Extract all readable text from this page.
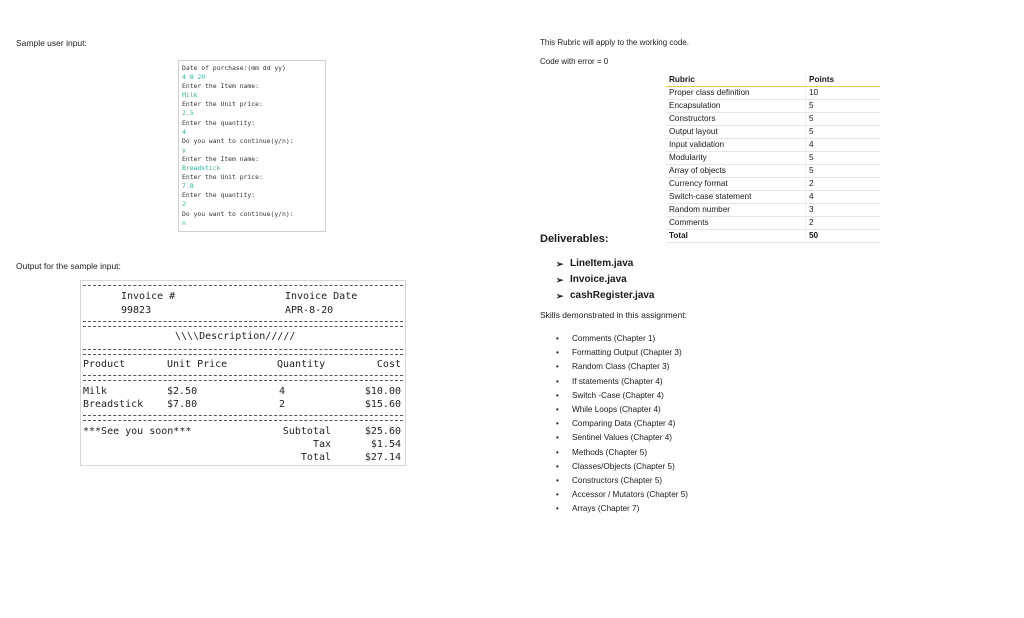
Sample user input:
Date of purchase:(mm dd yy)
4 8 20
Enter the Item name:
Milk
Enter the Unit price:
2.5
Enter the quantity:
4
Do you want to continue(y/n):
y
Enter the Item name:
Breadstick
Enter the Unit price:
7.8
Enter the quantity:
2
Do you want to continue(y/n):
n
Output for the sample input:
Invoice #
99823
Invoice Date
APR-8-20
\\\\Description/////
Product	Unit Price	Quantity	Cost
Milk	$2.50	4	$10.00
Breadstick $7.80	2	$15.60
***See you soon***	Subtotal	$25.60
Tax	$1.54
Total	$27.14
This Rubric will apply to the working code.
Code with error = 0
Rubric	Points
Proper class definition	10
Encapsulation	5
Constructors	5
Output layout	5
Input validation	4
Modularity	5
Array of objects	5
Currency format	2
Switch-case statement	4
Random number	3
Comments	2
Total	50
Deliverables:
➢ LineItem.java
➢ Invoice.java
➢ cashRegister.java
Skills demonstrated in this assignment:
•	Comments (Chapter 1)
•	Formatting Output (Chapter 3)
•	Random Class (Chapter 3)
•	If statements (Chapter 4)
•	Switch -Case (Chapter 4)
•	While Loops (Chapter 4)
•	Comparing Data (Chapter 4)
•	Sentinel Values (Chapter 4)
•	Methods (Chapter 5)
•	Classes/Objects (Chapter 5)
•	Constructors (Chapter 5)
•	Accessor / Mutators (Chapter 5)
•	Arrays (Chapter 7)
